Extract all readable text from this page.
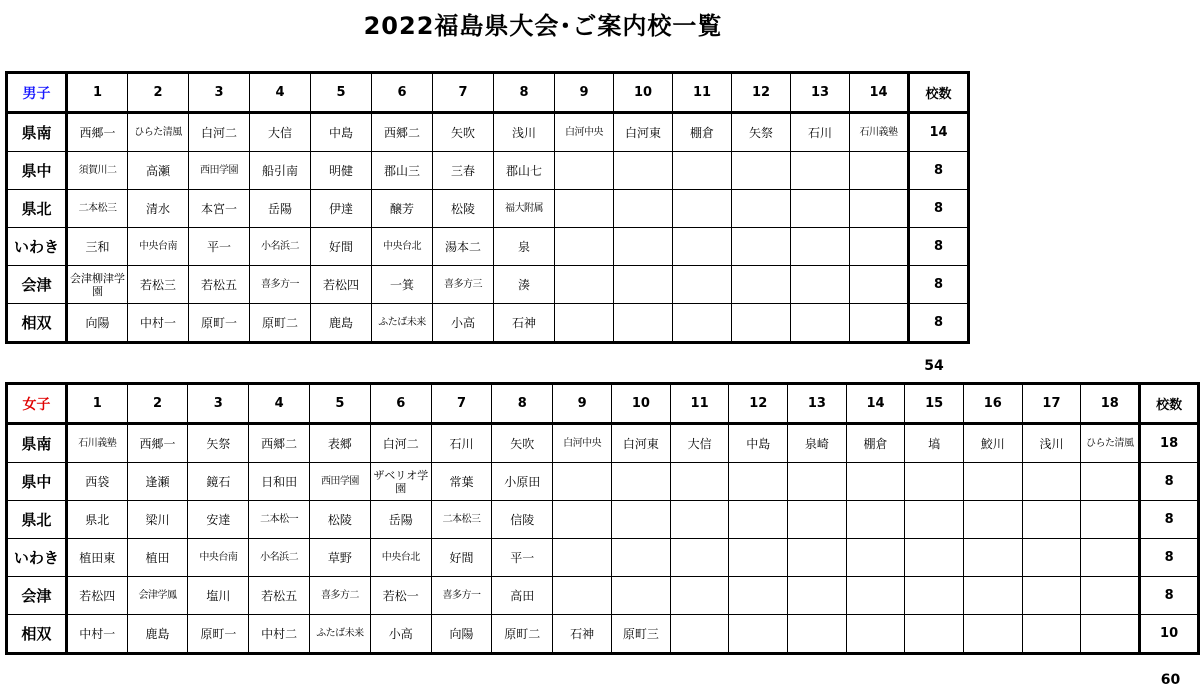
2022福島県大会･ご案内校一覧
男子	1	2	3	4	5	6	7	8	9	10	11	12	13	14	校数
県南	西郷一	ひらた清風	白河二	大信	中島	西郷二	矢吹	浅川	白河中央	白河東	棚倉	矢祭	石川	石川義塾	14
県中	須賀川二	高瀬	西田学園	船引南	明健	郡山三	三春	郡山七							8
県北	二本松三	清水	本宮一	岳陽	伊達	醸芳	松陵	福大附属							8
いわき	三和	中央台南	平一	小名浜二	好間	中央台北	湯本二	泉							8
会津	会津柳津学園	若松三	若松五	喜多方一	若松四	一箕	喜多方三	湊							8
相双	向陽	中村一	原町一	原町二	鹿島	ふたば未来	小高	石神							8
54
女子	1	2	3	4	5	6	7	8	9	10	11	12	13	14	15	16	17	18	校数
県南	石川義塾	西郷一	矢祭	西郷二	表郷	白河二	石川	矢吹	白河中央	白河東	大信	中島	泉崎	棚倉	塙	鮫川	浅川	ひらた清風	18
県中	西袋	逢瀬	鏡石	日和田	西田学園	ザベリオ学園	常葉	小原田											8
県北	県北	梁川	安達	二本松一	松陵	岳陽	二本松三	信陵											8
いわき	植田東	植田	中央台南	小名浜二	草野	中央台北	好間	平一											8
会津	若松四	会津学鳳	塩川	若松五	喜多方二	若松一	喜多方一	高田											8
相双	中村一	鹿島	原町一	中村二	ふたば未来	小高	向陽	原町二	石神	原町三									10
60
